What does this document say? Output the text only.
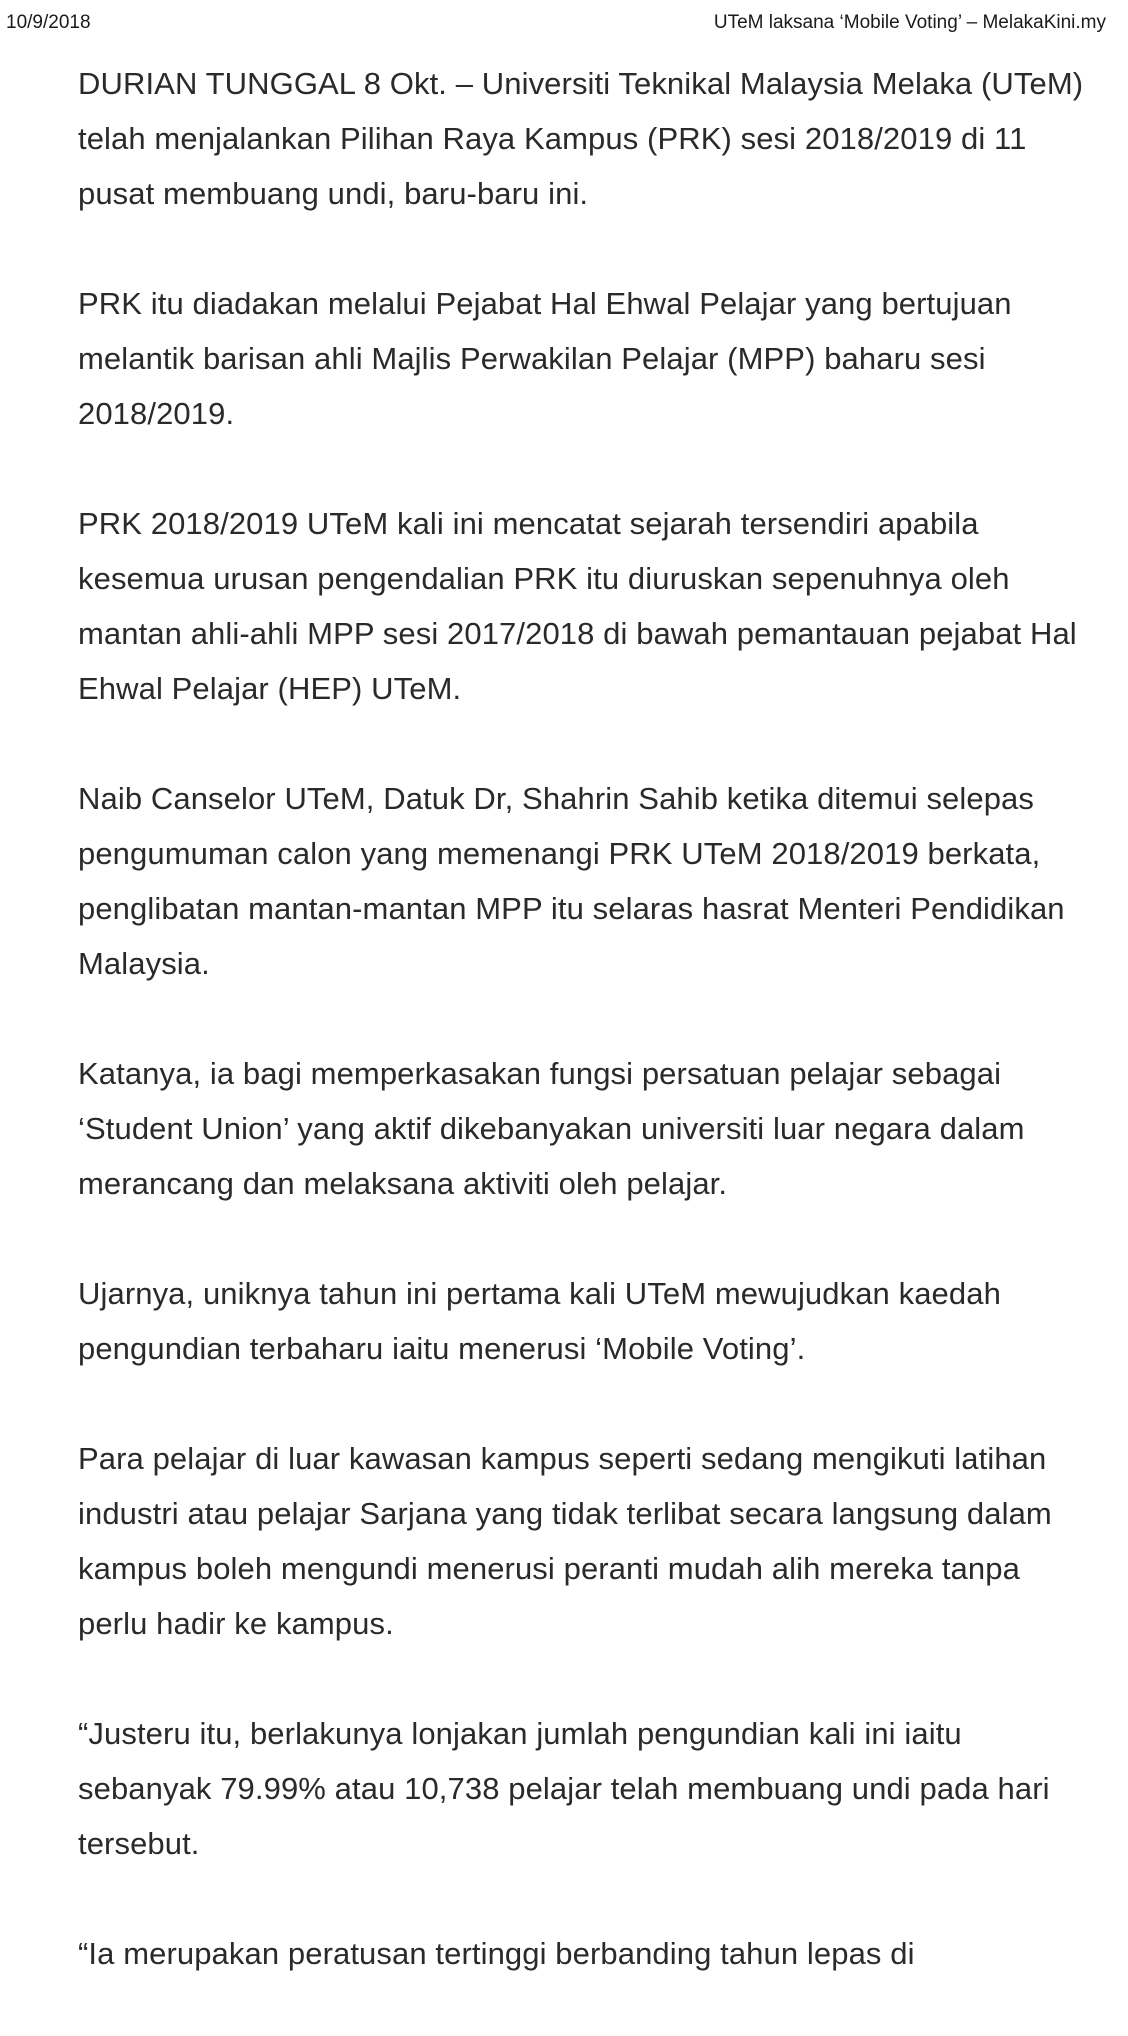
10/9/2018	UTeM laksana ‘Mobile Voting’ – MelakaKini.my

DURIAN TUNGGAL 8 Okt. – Universiti Teknikal Malaysia Melaka (UTeM) telah menjalankan Pilihan Raya Kampus (PRK) sesi 2018/2019 di 11 pusat membuang undi, baru-baru ini.

PRK itu diadakan melalui Pejabat Hal Ehwal Pelajar yang bertujuan melantik barisan ahli Majlis Perwakilan Pelajar (MPP) baharu sesi 2018/2019.

PRK 2018/2019 UTeM kali ini mencatat sejarah tersendiri apabila kesemua urusan pengendalian PRK itu diuruskan sepenuhnya oleh mantan ahli-ahli MPP sesi 2017/2018 di bawah pemantauan pejabat Hal Ehwal Pelajar (HEP) UTeM.

Naib Canselor UTeM, Datuk Dr, Shahrin Sahib ketika ditemui selepas pengumuman calon yang memenangi PRK UTeM 2018/2019 berkata, penglibatan mantan-mantan MPP itu selaras hasrat Menteri Pendidikan Malaysia.

Katanya, ia bagi memperkasakan fungsi persatuan pelajar sebagai ‘Student Union’ yang aktif dikebanyakan universiti luar negara dalam merancang dan melaksana aktiviti oleh pelajar.

Ujarnya, uniknya tahun ini pertama kali UTeM mewujudkan kaedah pengundian terbaharu iaitu menerusi ‘Mobile Voting’.

Para pelajar di luar kawasan kampus seperti sedang mengikuti latihan industri atau pelajar Sarjana yang tidak terlibat secara langsung dalam kampus boleh mengundi menerusi peranti mudah alih mereka tanpa perlu hadir ke kampus.

“Justeru itu, berlakunya lonjakan jumlah pengundian kali ini iaitu sebanyak 79.99% atau 10,738 pelajar telah membuang undi pada hari tersebut.

“Ia merupakan peratusan tertinggi berbanding tahun lepas di
